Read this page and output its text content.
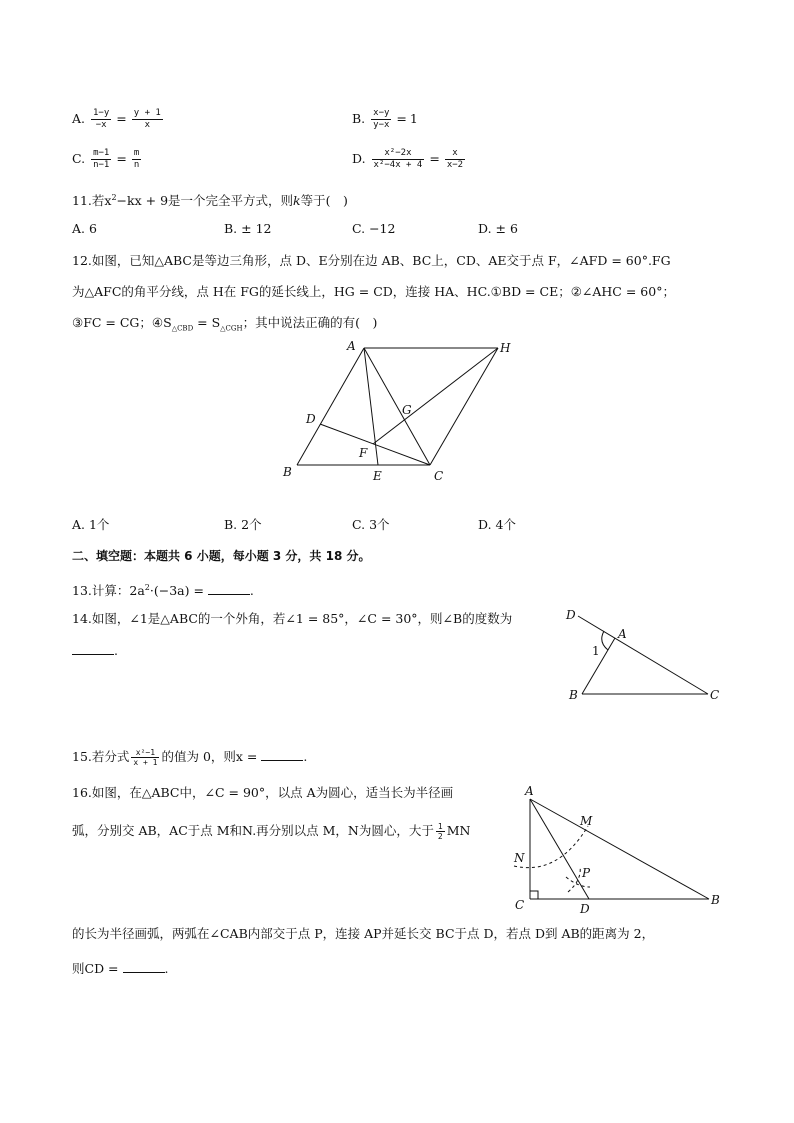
A. $\frac{1-y}{-x} = \frac{y + 1}{x}$	B. $\frac{x-y}{y-x} = 1$
C. $\frac{m-1}{n-1} = \frac{m}{n}$	D. $\frac{\text{x²−2x}}{\text{x²−4x + 4}} = \frac{x}{x-2}$
11.若$x^2-kx + 9$是一个完全平方式，则k等于(　)
A. 6	B. ± 12	C. −12	D. ± 6
12.如图，已知△ABC是等边三角形，点 D、E分别在边 AB、BC上，CD、AE交于点 F，∠AFD = 60°.FG
为△AFC的角平分线，点 H在 FG的延长线上，HG = CD，连接 HA、HC.①BD = CE；②∠AHC = 60°；
③FC = CG；$④S_{\triangle CBD} = S_{\triangle CGH}$；其中说法正确的有(　)
A	H
D
G
F
B	E	C
A. 1个	B. 2个	C. 3个	D. 4个
二、填空题：本题共 6 小题，每小题 3 分，共 18 分。
13.计算：$2a^2\cdot(-3a)$ =	.
14.如图，∠1是△ABC的一个外角，若∠1 = 85°，∠C = 30°，则∠B的度数为
.
D
A
1
B	C
15.若分式 $\frac{\text{x²−1}}{x + 1}$ 的值为 0，则x =	.
16.如图，在△ABC中，∠C = 90°，以点 A为圆心，适当长为半径画
弧，分别交 AB，AC于点 M和N.再分别以点 M，N为圆心，大于 $\frac{1}{2}$ MN
的长为半径画弧，两弧在∠CAB内部交于点 P，连接 AP并延长交 BC于点 D，若点 D到 AB的距离为 2，
则CD =	.
A
M
N
P
C	D
B
